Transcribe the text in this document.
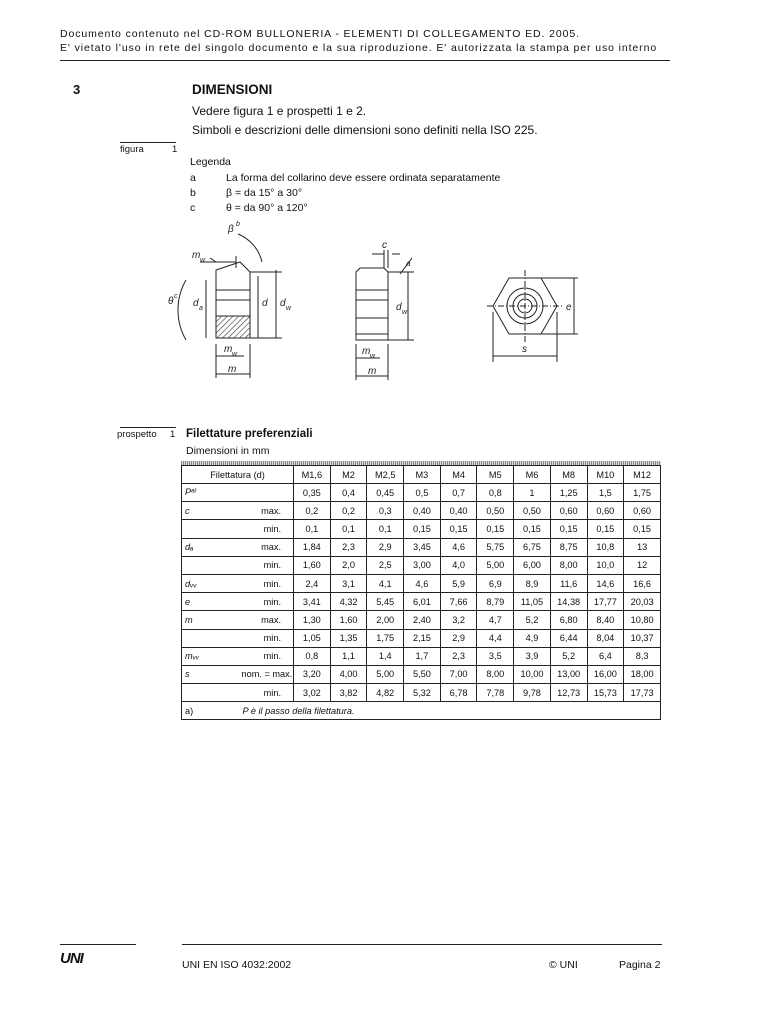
Documento contenuto nel CD-ROM BULLONERIA - ELEMENTI DI COLLEGAMENTO ED. 2005.
E' vietato l'uso in rete del singolo documento e la sua riproduzione. E' autorizzata la stampa per uso interno
3	DIMENSIONI
Vedere figura 1 e prospetti 1 e 2.
Simboli e descrizioni delle dimensioni sono definiti nella ISO 225.
figura	1
Legenda
a	La forma del collarino deve essere ordinata separatamente
b	β = da 15° a 30°
c	θ = da 90° a 120°
m w
β b
θ c
d a	d d w
m w
m
c
a
d w
m w
m
e
s
prospetto 1 Filettature preferenziali
Dimensioni in mm
Filettatura (d)		M1,6	M2	M2,5	M3	M4	M5	M6	M8	M10	M12
Pᵃ⁾		0,35	0,4	0,45	0,5	0,7	0,8	1	1,25	1,5	1,75
c	max.	0,2	0,2	0,3	0,40	0,40	0,50	0,50	0,60	0,60	0,60
	min.	0,1	0,1	0,1	0,15	0,15	0,15	0,15	0,15	0,15	0,15
dₐ	max.	1,84	2,3	2,9	3,45	4,6	5,75	6,75	8,75	10,8	13
	min.	1,60	2,0	2,5	3,00	4,0	5,00	6,00	8,00	10,0	12
dᵥᵥ	min.	2,4	3,1	4,1	4,6	5,9	6,9	8,9	11,6	14,6	16,6
e	min.	3,41	4,32	5,45	6,01	7,66	8,79	11,05	14,38	17,77	20,03
m	max.	1,30	1,60	2,00	2,40	3,2	4,7	5,2	6,80	8,40	10,80
	min.	1,05	1,35	1,75	2,15	2,9	4,4	4,9	6,44	8,04	10,37
mᵥᵥ	min.	0,8	1,1	1,4	1,7	2,3	3,5	3,9	5,2	6,4	8,3
s	nom. = max.	3,20	4,00	5,00	5,50	7,00	8,00	10,00	13,00	16,00	18,00
	min.	3,02	3,82	4,82	5,32	6,78	7,78	9,78	12,73	15,73	17,73
a)	P è il passo della filettatura.										
UNI	UNI EN ISO 4032:2002	© UNI	Pagina 2
